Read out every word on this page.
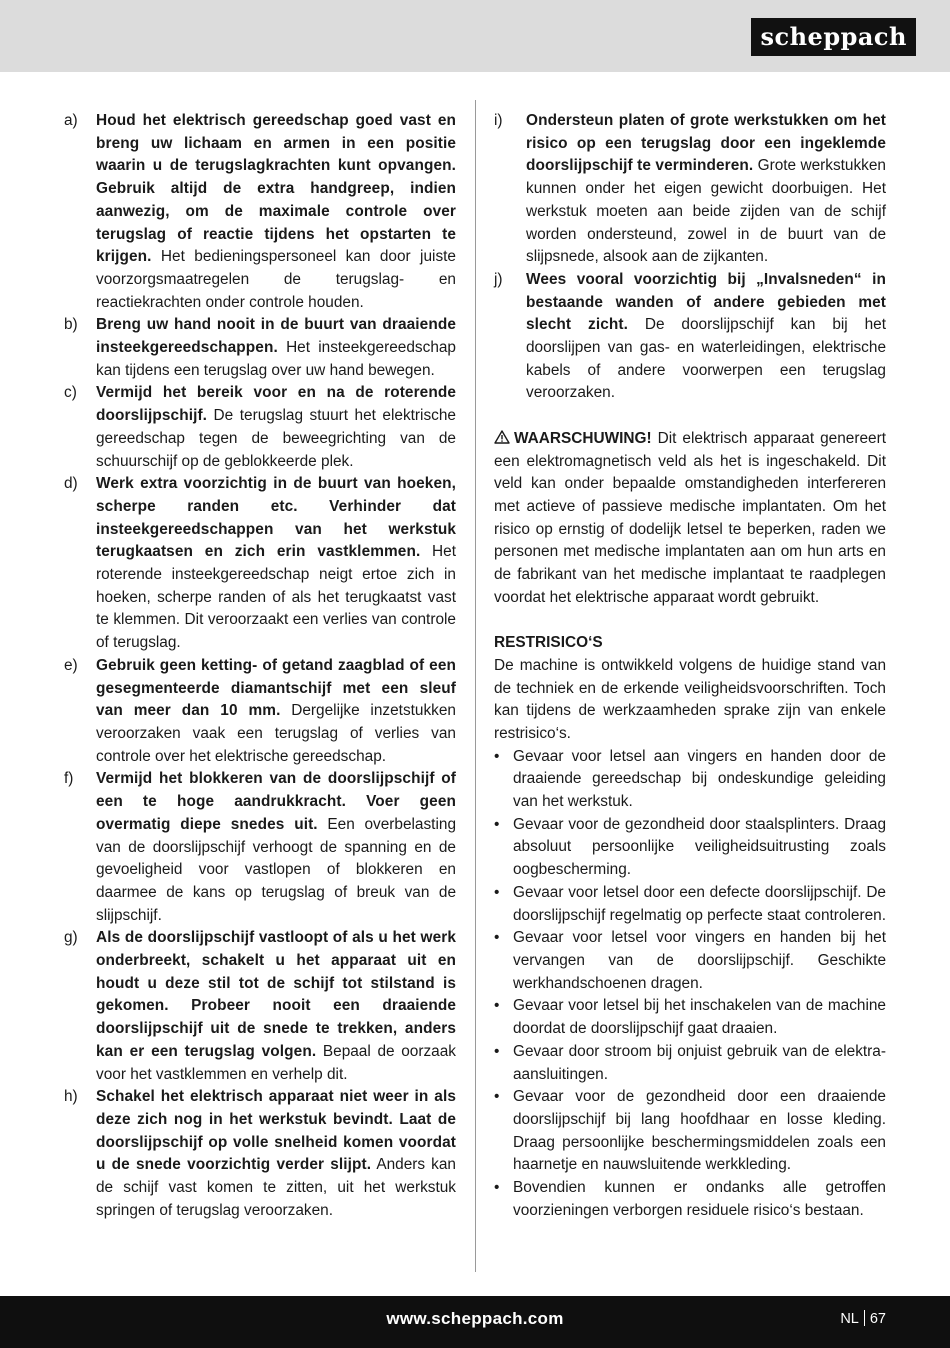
scheppach
a)	Houd het elektrisch gereedschap goed vast en breng uw lichaam en armen in een positie waarin u de terugslagkrachten kunt opvangen. Gebruik altijd de extra handgreep, indien aanwezig, om de maximale controle over terugslag of reactie tijdens het opstarten te krijgen. Het bedieningspersoneel kan door juiste voorzorgsmaatregelen de terugslag- en reactiekrachten onder controle houden.
b)	Breng uw hand nooit in de buurt van draaiende insteekgereedschappen. Het insteekgereedschap kan tijdens een terugslag over uw hand bewegen.
c)	Vermijd het bereik voor en na de roterende doorslijpschijf. De terugslag stuurt het elektrische gereedschap tegen de beweegrichting van de schuurschijf op de geblokkeerde plek.
d)	Werk extra voorzichtig in de buurt van hoeken, scherpe randen etc. Verhinder dat insteekgereedschappen van het werkstuk terugkaatsen en zich erin vastklemmen. Het roterende insteekgereedschap neigt ertoe zich in hoeken, scherpe randen of als het terugkaatst vast te klemmen. Dit veroorzaakt een verlies van controle of terugslag.
e)	Gebruik geen ketting- of getand zaagblad of een gesegmenteerde diamantschijf met een sleuf van meer dan 10 mm. Dergelijke inzetstukken veroorzaken vaak een terugslag of verlies van controle over het elektrische gereedschap.
f)	Vermijd het blokkeren van de doorslijpschijf of een te hoge aandrukkracht. Voer geen overmatig diepe snedes uit. Een overbelasting van de doorslijpschijf verhoogt de spanning en de gevoeligheid voor vastlopen of blokkeren en daarmee de kans op terugslag of breuk van de slijpschijf.
g)	Als de doorslijpschijf vastloopt of als u het werk onderbreekt, schakelt u het apparaat uit en houdt u deze stil tot de schijf tot stilstand is gekomen. Probeer nooit een draaiende doorslijpschijf uit de snede te trekken, anders kan er een terugslag volgen. Bepaal de oorzaak voor het vastklemmen en verhelp dit.
h)	Schakel het elektrisch apparaat niet weer in als deze zich nog in het werkstuk bevindt. Laat de doorslijpschijf op volle snelheid komen voordat u de snede voorzichtig verder slijpt. Anders kan de schijf vast komen te zitten, uit het werkstuk springen of terugslag veroorzaken.
i)	Ondersteun platen of grote werkstukken om het risico op een terugslag door een ingeklemde doorslijpschijf te verminderen. Grote werkstukken kunnen onder het eigen gewicht doorbuigen. Het werkstuk moeten aan beide zijden van de schijf worden ondersteund, zowel in de buurt van de slijpsnede, alsook aan de zijkanten.
j)	Wees vooral voorzichtig bij „Invalsneden“ in bestaande wanden of andere gebieden met slecht zicht. De doorslijpschijf kan bij het doorslijpen van gas- en waterleidingen, elektrische kabels of andere voorwerpen een terugslag veroorzaken.
WAARSCHUWING! Dit elektrisch apparaat genereert een elektromagnetisch veld als het is ingeschakeld. Dit veld kan onder bepaalde omstandigheden interfereren met actieve of passieve medische implantaten. Om het risico op ernstig of dodelijk letsel te beperken, raden we personen met medische implantaten aan om hun arts en de fabrikant van het medische implantaat te raadplegen voordat het elektrische apparaat wordt gebruikt.
RESTRISICO‘S
De machine is ontwikkeld volgens de huidige stand van de techniek en de erkende veiligheidsvoorschriften. Toch kan tijdens de werkzaamheden sprake zijn van enkele restrisico‘s.
• Gevaar voor letsel aan vingers en handen door de draaiende gereedschap bij ondeskundige geleiding van het werkstuk.
• Gevaar voor de gezondheid door staalsplinters. Draag absoluut persoonlijke veiligheidsuitrusting zoals oogbescherming.
• Gevaar voor letsel door een defecte doorslijpschijf. De doorslijpschijf regelmatig op perfecte staat controleren.
• Gevaar voor letsel voor vingers en handen bij het vervangen van de doorslijpschijf. Geschikte werkhandschoenen dragen.
• Gevaar voor letsel bij het inschakelen van de machine doordat de doorslijpschijf gaat draaien.
• Gevaar door stroom bij onjuist gebruik van de elektra-aansluitingen.
• Gevaar voor de gezondheid door een draaiende doorslijpschijf bij lang hoofdhaar en losse kleding. Draag persoonlijke beschermingsmiddelen zoals een haarnetje en nauwsluitende werkkleding.
• Bovendien kunnen er ondanks alle getroffen voorzieningen verborgen residuele risico‘s bestaan.
www.scheppach.com	NL 67
